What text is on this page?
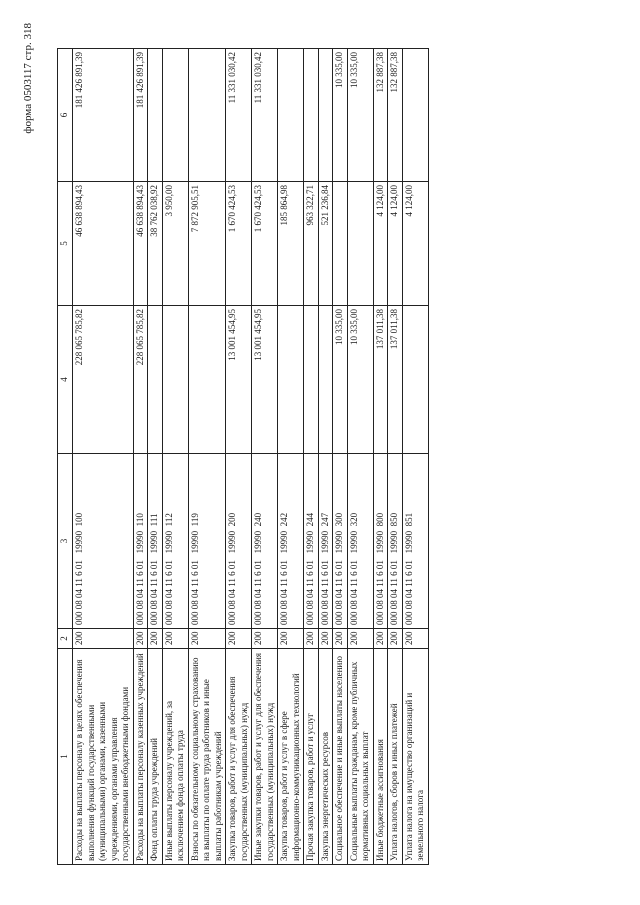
форма 0503117 стр. 318
1	2	3	4	5	6
Расходы на выплаты персоналу в целях обеспечения выполнения функций государственными (муниципальными) органами, казенными учреждениями, органами управления государственными внебюджетными фондами	200	000 08 04 11 6 01   19990  100	228 065 785,82	46 638 894,43	181 426 891,39
Расходы на выплаты персоналу казенных учреждений	200	000 08 04 11 6 01   19990  110	228 065 785,82	46 638 894,43	181 426 891,39
Фонд оплаты труда учреждений	200	000 08 04 11 6 01   19990  111		38 762 038,92	
Иные выплаты персоналу учреждений, за исключением фонда оплаты труда	200	000 08 04 11 6 01   19990  112		3 950,00	
Взносы по обязательному социальному страхованию на выплаты по оплате труда работников и иные выплаты работникам учреждений	200	000 08 04 11 6 01   19990  119		7 872 905,51	
Закупка товаров, работ и услуг для обеспечения государственных (муниципальных) нужд	200	000 08 04 11 6 01   19990  200	13 001 454,95	1 670 424,53	11 331 030,42
Иные закупки товаров, работ и услуг для обеспечения государственных (муниципальных) нужд	200	000 08 04 11 6 01   19990  240	13 001 454,95	1 670 424,53	11 331 030,42
Закупка товаров, работ и услуг в сфере информационно-коммуникационных технологий	200	000 08 04 11 6 01   19990  242		185 864,98	
Прочая закупка товаров, работ и услуг	200	000 08 04 11 6 01   19990  244		963 322,71	
Закупка энергетических ресурсов	200	000 08 04 11 6 01   19990  247		521 236,84	
Социальное обеспечение и иные выплаты населению	200	000 08 04 11 6 01   19990  300	10 335,00		10 335,00
Социальные выплаты гражданам, кроме публичных нормативных социальных выплат	200	000 08 04 11 6 01   19990  320	10 335,00		10 335,00
Иные бюджетные ассигнования	200	000 08 04 11 6 01   19990  800	137 011,38	4 124,00	132 887,38
Уплата налогов, сборов и иных платежей	200	000 08 04 11 6 01   19990  850	137 011,38	4 124,00	132 887,38
Уплата налога на имущество организаций и земельного налога	200	000 08 04 11 6 01   19990  851		4 124,00	
